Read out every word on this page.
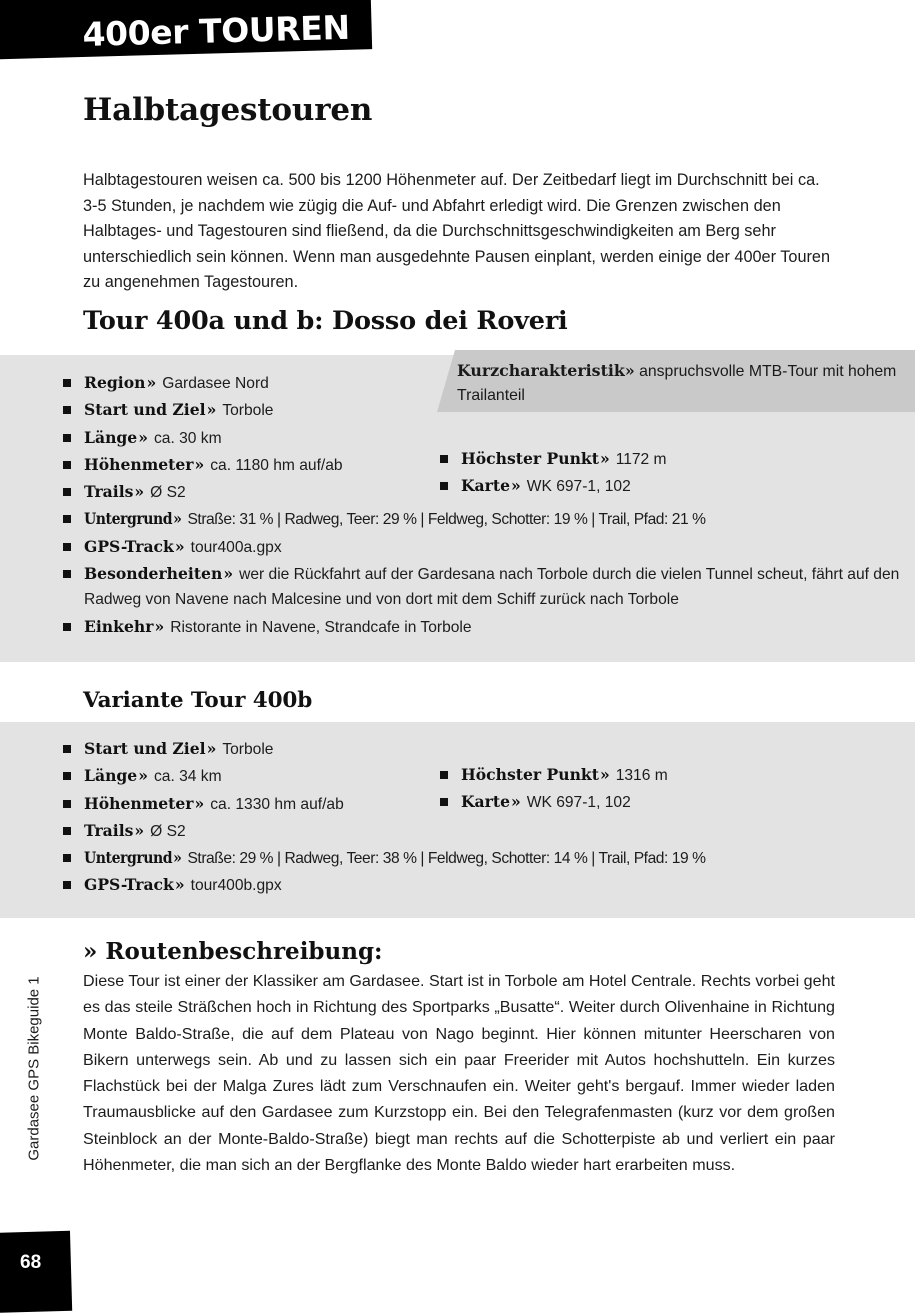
400er TOUREN
Halbtagestouren
Halbtagestouren weisen ca. 500 bis 1200 Höhenmeter auf. Der Zeitbedarf liegt im Durchschnitt bei ca. 3-5 Stunden, je nachdem wie zügig die Auf- und Abfahrt erledigt wird. Die Grenzen zwischen den Halbtages- und Tagestouren sind fließend, da die Durchschnittsgeschwindigkeiten am Berg sehr unterschiedlich sein können. Wenn man ausgedehnte Pausen einplant, werden einige der 400er Touren zu angenehmen Tagestouren.
Tour 400a und b: Dosso dei Roveri
Kurzcharakteristik» anspruchsvolle MTB-Tour mit hohem Trailanteil
Region» Gardasee Nord
Start und Ziel» Torbole
Länge» ca. 30 km
Höhenmeter» ca. 1180 hm auf/ab
Trails» Ø S2
Untergrund» Straße: 31 % | Radweg, Teer: 29 % | Feldweg, Schotter: 19 % | Trail, Pfad: 21 %
GPS-Track» tour400a.gpx
Besonderheiten» wer die Rückfahrt auf der Gardesana nach Torbole durch die vielen Tunnel scheut, fährt auf den Radweg von Navene nach Malcesine und von dort mit dem Schiff zurück nach Torbole
Einkehr» Ristorante in Navene, Strandcafe in Torbole
Höchster Punkt» 1172 m
Karte» WK 697-1, 102
Variante Tour 400b
Start und Ziel» Torbole
Länge» ca. 34 km
Höhenmeter» ca. 1330 hm auf/ab
Trails» Ø S2
Untergrund» Straße: 29 % | Radweg, Teer: 38 % | Feldweg, Schotter: 14 % | Trail, Pfad: 19 %
GPS-Track» tour400b.gpx
Höchster Punkt» 1316 m
Karte» WK 697-1, 102
» Routenbeschreibung:
Diese Tour ist einer der Klassiker am Gardasee. Start ist in Torbole am Hotel Centrale. Rechts vorbei geht es das steile Sträßchen hoch in Richtung des Sportparks „Busatte“. Weiter durch Olivenhaine in Richtung Monte Baldo-Straße, die auf dem Plateau von Nago beginnt. Hier können mitunter Heerscharen von Bikern unterwegs sein. Ab und zu lassen sich ein paar Freerider mit Autos hochshutteln. Ein kurzes Flachstück bei der Malga Zures lädt zum Verschnaufen ein. Weiter geht's bergauf. Immer wieder laden Traumausblicke auf den Gardasee zum Kurzstopp ein. Bei den Telegrafenmasten (kurz vor dem großen Steinblock an der Monte-Baldo-Straße) biegt man rechts auf die Schotterpiste ab und verliert ein paar Höhenmeter, die man sich an der Bergflanke des Monte Baldo wieder hart erarbeiten muss.
Gardasee GPS Bikeguide 1
68
